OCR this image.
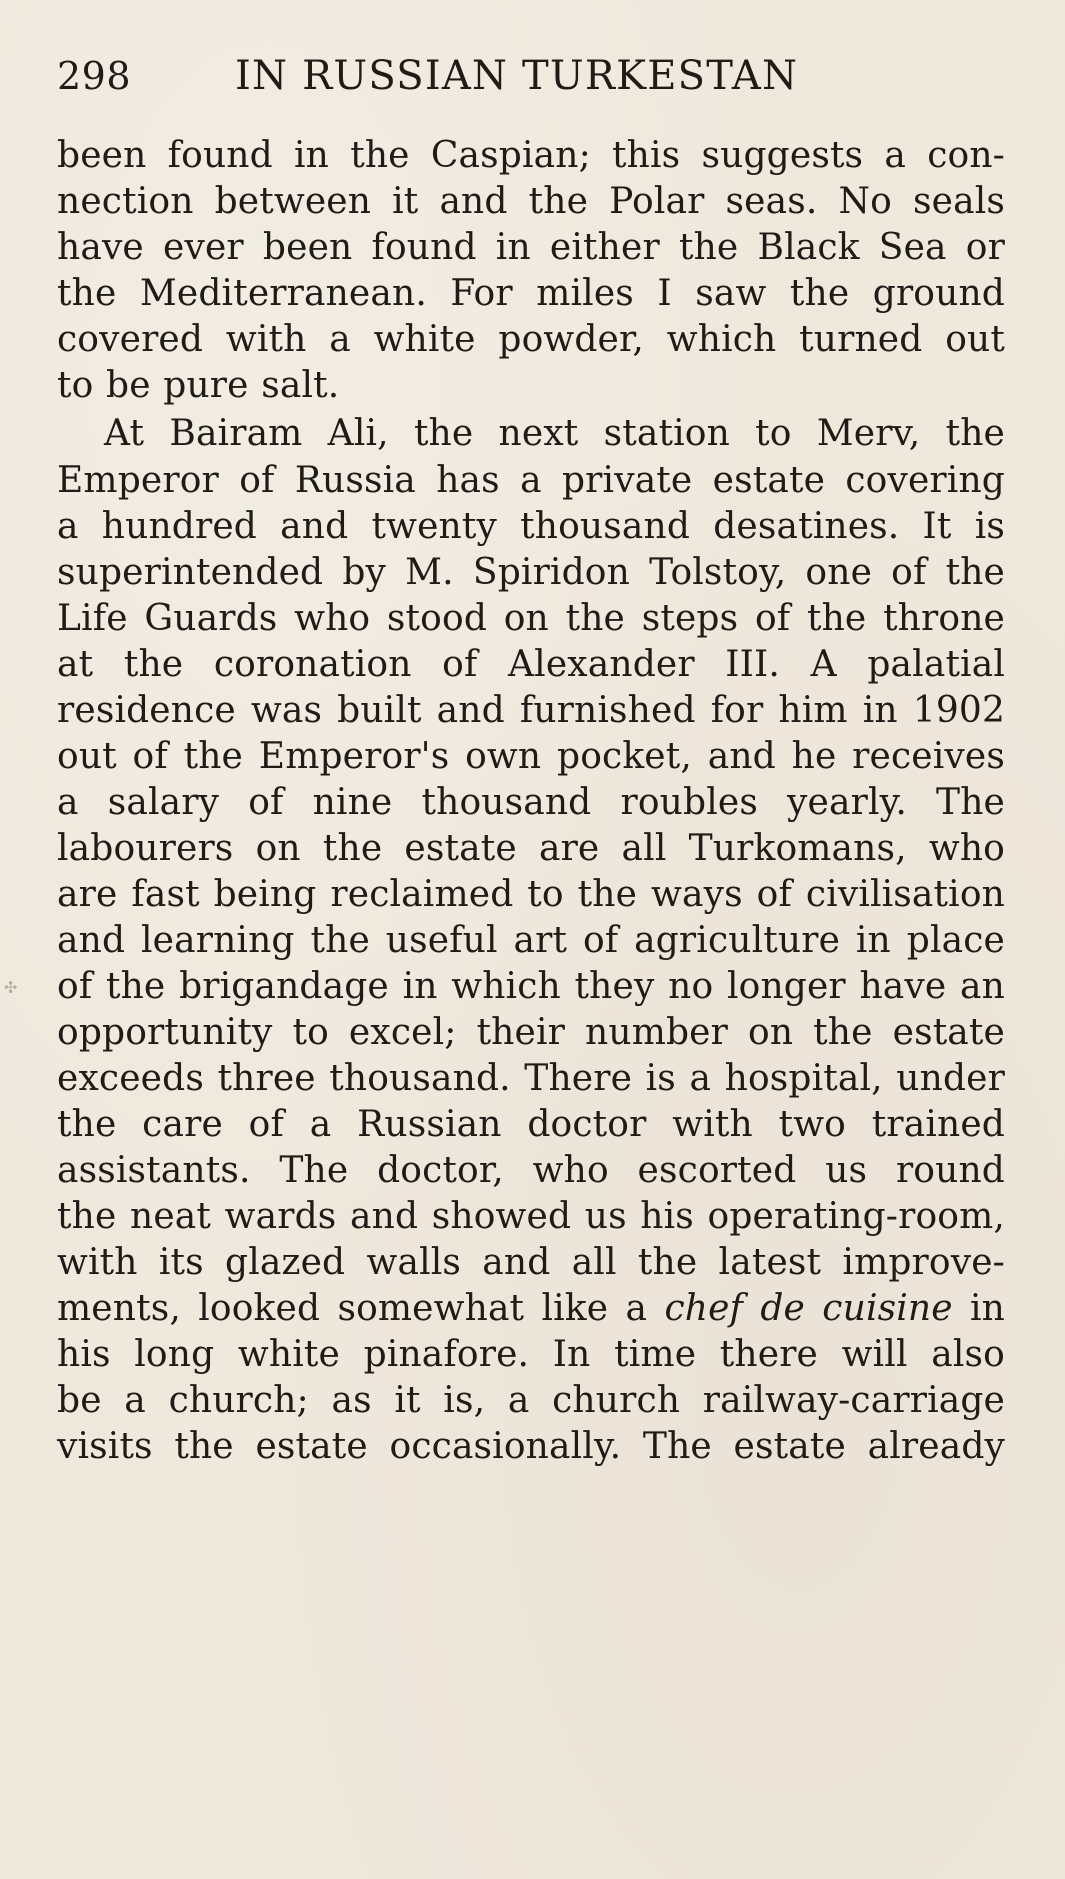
298	IN RUSSIAN TURKESTAN
been found in the Caspian; this suggests a con-
nection between it and the Polar seas. No seals
have ever been found in either the Black Sea or
the Mediterranean. For miles I saw the ground
covered with a white powder, which turned out
to be pure salt.
At Bairam Ali, the next station to Merv, the
Emperor of Russia has a private estate covering
a hundred and twenty thousand desatines. It is
superintended by M. Spiridon Tolstoy, one of the
Life Guards who stood on the steps of the throne
at the coronation of Alexander III. A palatial
residence was built and furnished for him in 1902
out of the Emperor's own pocket, and he receives
a salary of nine thousand roubles yearly. The
labourers on the estate are all Turkomans, who
are fast being reclaimed to the ways of civilisation
and learning the useful art of agriculture in place
of the brigandage in which they no longer have an
opportunity to excel; their number on the estate
exceeds three thousand. There is a hospital, under
the care of a Russian doctor with two trained
assistants. The doctor, who escorted us round
the neat wards and showed us his operating-room,
with its glazed walls and all the latest improve-
ments, looked somewhat like a chef de cuisine in
his long white pinafore. In time there will also
be a church; as it is, a church railway-carriage
visits the estate occasionally. The estate already
✣
